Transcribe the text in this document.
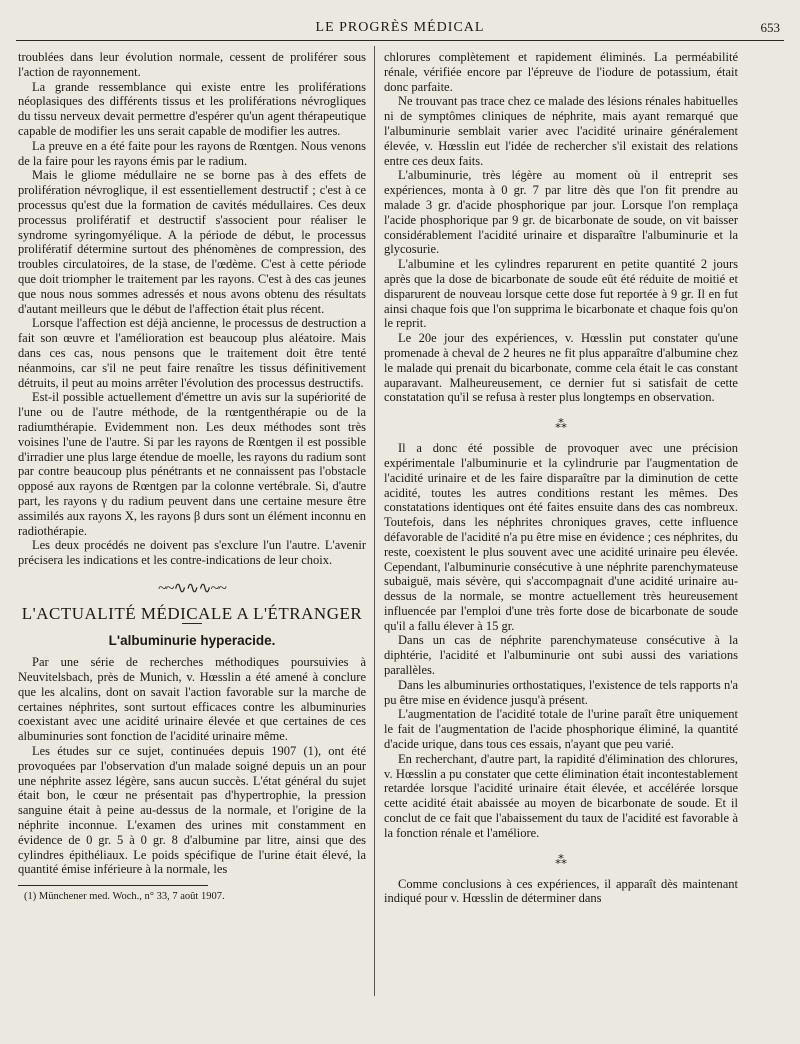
LE PROGRÈS MÉDICAL	653

troublées dans leur évolution normale, cessent de proliférer sous l'action de rayonnement.

La grande ressemblance qui existe entre les proliférations néoplasiques des différents tissus et les proliférations névrogliques du tissu nerveux devait permettre d'espérer qu'un agent thérapeutique capable de modifier les uns serait capable de modifier les autres.

La preuve en a été faite pour les rayons de Rœntgen. Nous venons de la faire pour les rayons émis par le radium.

Mais le gliome médullaire ne se borne pas à des effets de prolifération névroglique, il est essentiellement destructif ; c'est à ce processus qu'est due la formation de cavités médullaires. Ces deux processus prolifératif et destructif s'associent pour réaliser le syndrome syringomyélique. A la période de début, le processus prolifératif détermine surtout des phénomènes de compression, des troubles circulatoires, de la stase, de l'œdème. C'est à cette période que doit triompher le traitement par les rayons. C'est à des cas jeunes que nous nous sommes adressés et nous avons obtenu des résultats d'autant meilleurs que le début de l'affection était plus récent.

Lorsque l'affection est déjà ancienne, le processus de destruction a fait son œuvre et l'amélioration est beaucoup plus aléatoire. Mais dans ces cas, nous pensons que le traitement doit être tenté néanmoins, car s'il ne peut faire renaître les tissus définitivement détruits, il peut au moins arrêter l'évolution des processus destructifs.

Est-il possible actuellement d'émettre un avis sur la supériorité de l'une ou de l'autre méthode, de la rœntgenthérapie ou de la radiumthérapie. Evidemment non. Les deux méthodes sont très voisines l'une de l'autre. Si par les rayons de Rœntgen il est possible d'irradier une plus large étendue de moelle, les rayons du radium sont par contre beaucoup plus pénétrants et ne connaissent pas l'obstacle opposé aux rayons de Rœntgen par la colonne vertébrale. Si, d'autre part, les rayons γ du radium peuvent dans une certaine mesure être assimilés aux rayons X, les rayons β durs sont un élément inconnu en radiothérapie.

Les deux procédés ne doivent pas s'exclure l'un l'autre. L'avenir précisera les indications et les contre-indications de leur choix.

~~∿∿∿~~
L'ACTUALITÉ MÉDICALE A L'ÉTRANGER
L'albuminurie hyperacide.

Par une série de recherches méthodiques poursuivies à Neuvitelsbach, près de Munich, v. Hœsslin a été amené à conclure que les alcalins, dont on savait l'action favorable sur la marche de certaines néphrites, sont surtout efficaces contre les albuminuries coexistant avec une acidité urinaire élevée et que certaines de ces albuminuries sont fonction de l'acidité urinaire même.

Les études sur ce sujet, continuées depuis 1907 (1), ont été provoquées par l'observation d'un malade soigné depuis un an pour une néphrite assez légère, sans aucun succès. L'état général du sujet était bon, le cœur ne présentait pas d'hypertrophie, la pression sanguine était à peine au-dessus de la normale, et l'origine de la néphrite inconnue. L'examen des urines mit constamment en évidence de 0 gr. 5 à 0 gr. 8 d'albumine par litre, ainsi que des cylindres épithéliaux. Le poids spécifique de l'urine était élevé, la quantité émise inférieure à la normale, les

(1) Münchener med. Woch., n° 33, 7 août 1907.

chlorures complètement et rapidement éliminés. La perméabilité rénale, vérifiée encore par l'épreuve de l'iodure de potassium, était donc parfaite.

Ne trouvant pas trace chez ce malade des lésions rénales habituelles ni de symptômes cliniques de néphrite, mais ayant remarqué que l'albuminurie semblait varier avec l'acidité urinaire généralement élevée, v. Hœsslin eut l'idée de rechercher s'il existait des relations entre ces deux faits.

L'albuminurie, très légère au moment où il entreprit ses expériences, monta à 0 gr. 7 par litre dès que l'on fit prendre au malade 3 gr. d'acide phosphorique par jour. Lorsque l'on remplaça l'acide phosphorique par 9 gr. de bicarbonate de soude, on vit baisser considérablement l'acidité urinaire et disparaître l'albuminurie et la glycosurie.

L'albumine et les cylindres reparurent en petite quantité 2 jours après que la dose de bicarbonate de soude eût été réduite de moitié et disparurent de nouveau lorsque cette dose fut reportée à 9 gr. Il en fut ainsi chaque fois que l'on supprima le bicarbonate et chaque fois qu'on le reprit.

Le 20e jour des expériences, v. Hœsslin put constater qu'une promenade à cheval de 2 heures ne fit plus apparaître d'albumine chez le malade qui prenait du bicarbonate, comme cela était le cas constant auparavant. Malheureusement, ce dernier fut si satisfait de cette constatation qu'il se refusa à rester plus longtemps en observation.

⁂

Il a donc été possible de provoquer avec une précision expérimentale l'albuminurie et la cylindrurie par l'augmentation de l'acidité urinaire et de les faire disparaître par la diminution de cette acidité, toutes les autres conditions restant les mêmes. Des constatations identiques ont été faites ensuite dans des cas nombreux. Toutefois, dans les néphrites chroniques graves, cette influence défavorable de l'acidité n'a pu être mise en évidence ; ces néphrites, du reste, coexistent le plus souvent avec une acidité urinaire peu élevée. Cependant, l'albuminurie consécutive à une néphrite parenchymateuse subaiguë, mais sévère, qui s'accompagnait d'une acidité urinaire au-dessus de la normale, se montre actuellement très heureusement influencée par l'emploi d'une très forte dose de bicarbonate de soude qu'il a fallu élever à 15 gr.

Dans un cas de néphrite parenchymateuse consécutive à la diphtérie, l'acidité et l'albuminurie ont subi aussi des variations parallèles.

Dans les albuminuries orthostatiques, l'existence de tels rapports n'a pu être mise en évidence jusqu'à présent.

L'augmentation de l'acidité totale de l'urine paraît être uniquement le fait de l'augmentation de l'acide phosphorique éliminé, la quantité d'acide urique, dans tous ces essais, n'ayant que peu varié.

En recherchant, d'autre part, la rapidité d'élimination des chlorures, v. Hœsslin a pu constater que cette élimination était incontestablement retardée lorsque l'acidité urinaire était élevée, et accélérée lorsque cette acidité était abaissée au moyen de bicarbonate de soude. Et il conclut de ce fait que l'abaissement du taux de l'acidité est favorable à la fonction rénale et l'améliore.

⁂

Comme conclusions à ces expériences, il apparaît dès maintenant indiqué pour v. Hœsslin de déterminer dans
